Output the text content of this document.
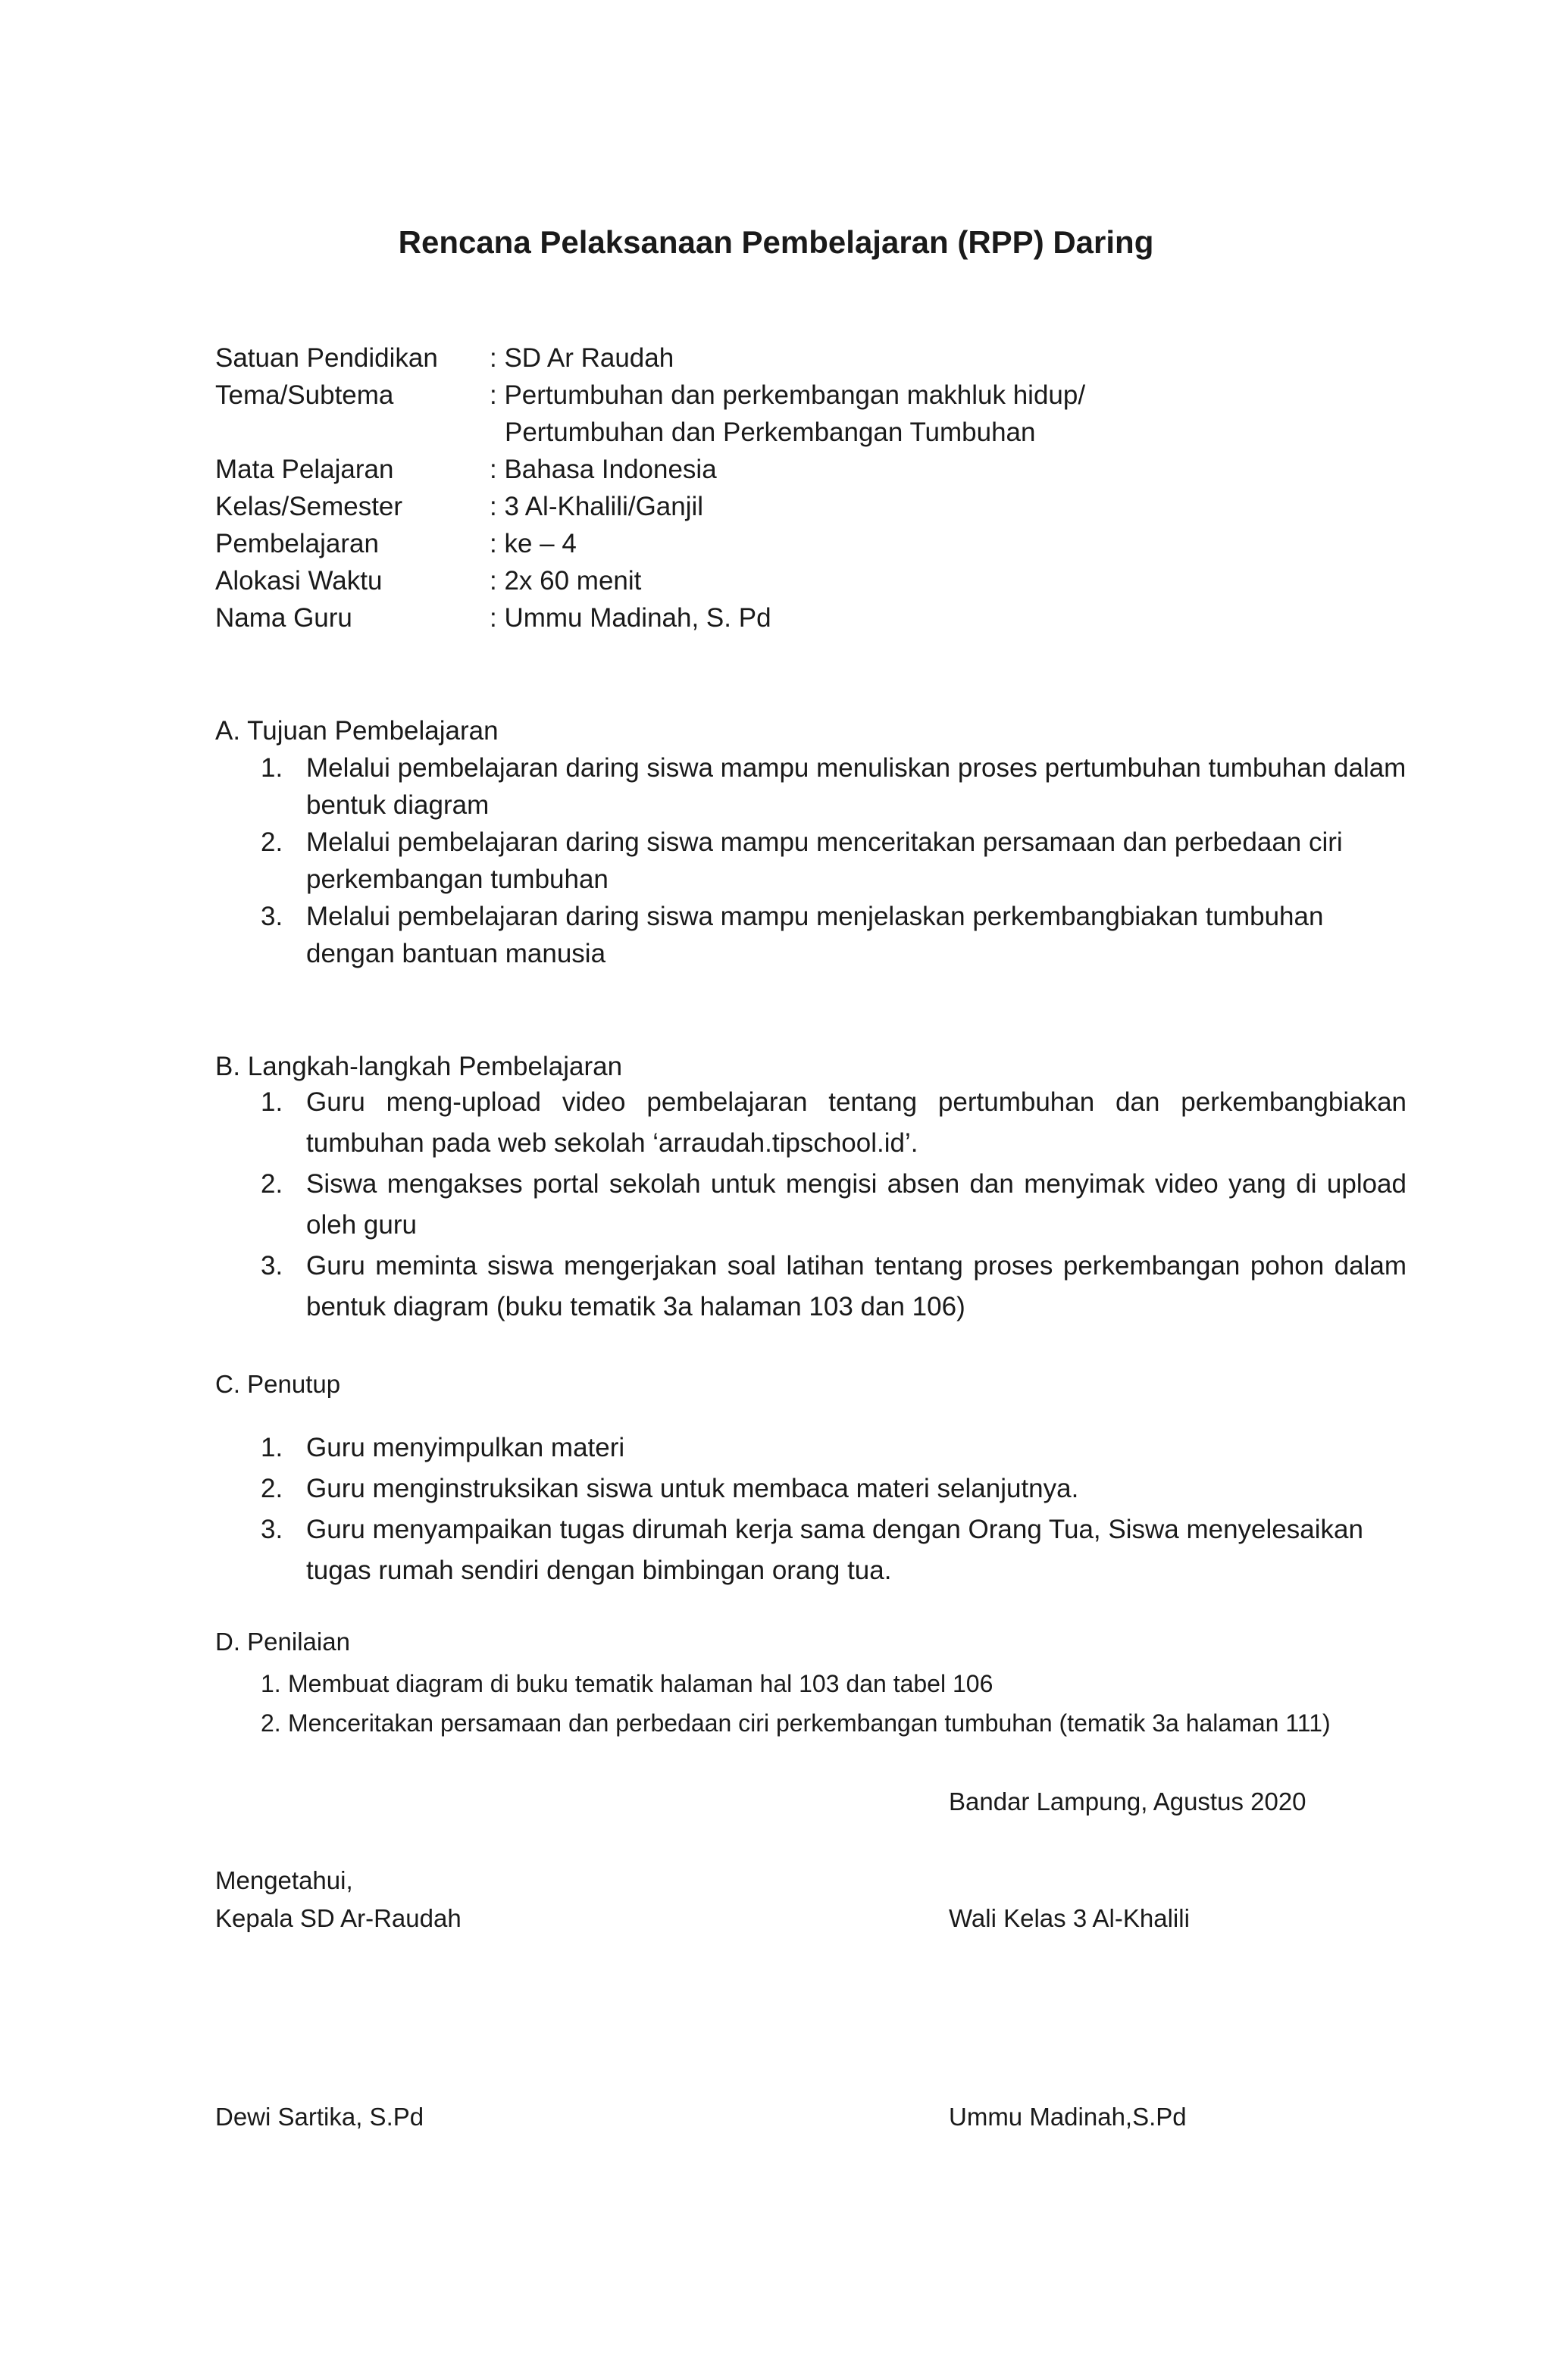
Rencana Pelaksanaan Pembelajaran (RPP) Daring
Satuan Pendidikan : SD Ar Raudah
Tema/Subtema	: Pertumbuhan dan perkembangan makhluk hidup/
Pertumbuhan dan Perkembangan Tumbuhan
Mata Pelajaran	: Bahasa Indonesia
Kelas/Semester	: 3 Al-Khalili/Ganjil
Pembelajaran	: ke – 4
Alokasi Waktu	: 2x 60 menit
Nama Guru	: Ummu Madinah, S. Pd
A. Tujuan Pembelajaran
1. Melalui pembelajaran daring siswa mampu menuliskan proses pertumbuhan tumbuhan dalam bentuk diagram
2. Melalui pembelajaran daring siswa mampu menceritakan persamaan dan perbedaan ciri perkembangan tumbuhan
3. Melalui pembelajaran daring siswa mampu menjelaskan perkembangbiakan tumbuhan dengan bantuan manusia
B. Langkah-langkah Pembelajaran
1. Guru meng-upload video pembelajaran tentang pertumbuhan dan perkembangbiakan tumbuhan pada web sekolah ‘arraudah.tipschool.id’.
2. Siswa mengakses portal sekolah untuk mengisi absen dan menyimak video yang di upload oleh guru
3. Guru meminta siswa mengerjakan soal latihan tentang proses perkembangan pohon dalam bentuk diagram (buku tematik 3a halaman 103 dan 106)
C. Penutup
1. Guru menyimpulkan materi
2. Guru menginstruksikan siswa untuk membaca materi selanjutnya.
3. Guru menyampaikan tugas dirumah kerja sama dengan Orang Tua, Siswa menyelesaikan tugas rumah sendiri dengan bimbingan orang tua.
D. Penilaian
1. Membuat diagram di buku tematik halaman hal 103 dan tabel 106
2. Menceritakan persamaan dan perbedaan ciri perkembangan tumbuhan (tematik 3a halaman 111)
Bandar Lampung, Agustus 2020
Mengetahui,
Kepala SD Ar-Raudah	Wali Kelas 3 Al-Khalili
Dewi Sartika, S.Pd	Ummu Madinah,S.Pd
